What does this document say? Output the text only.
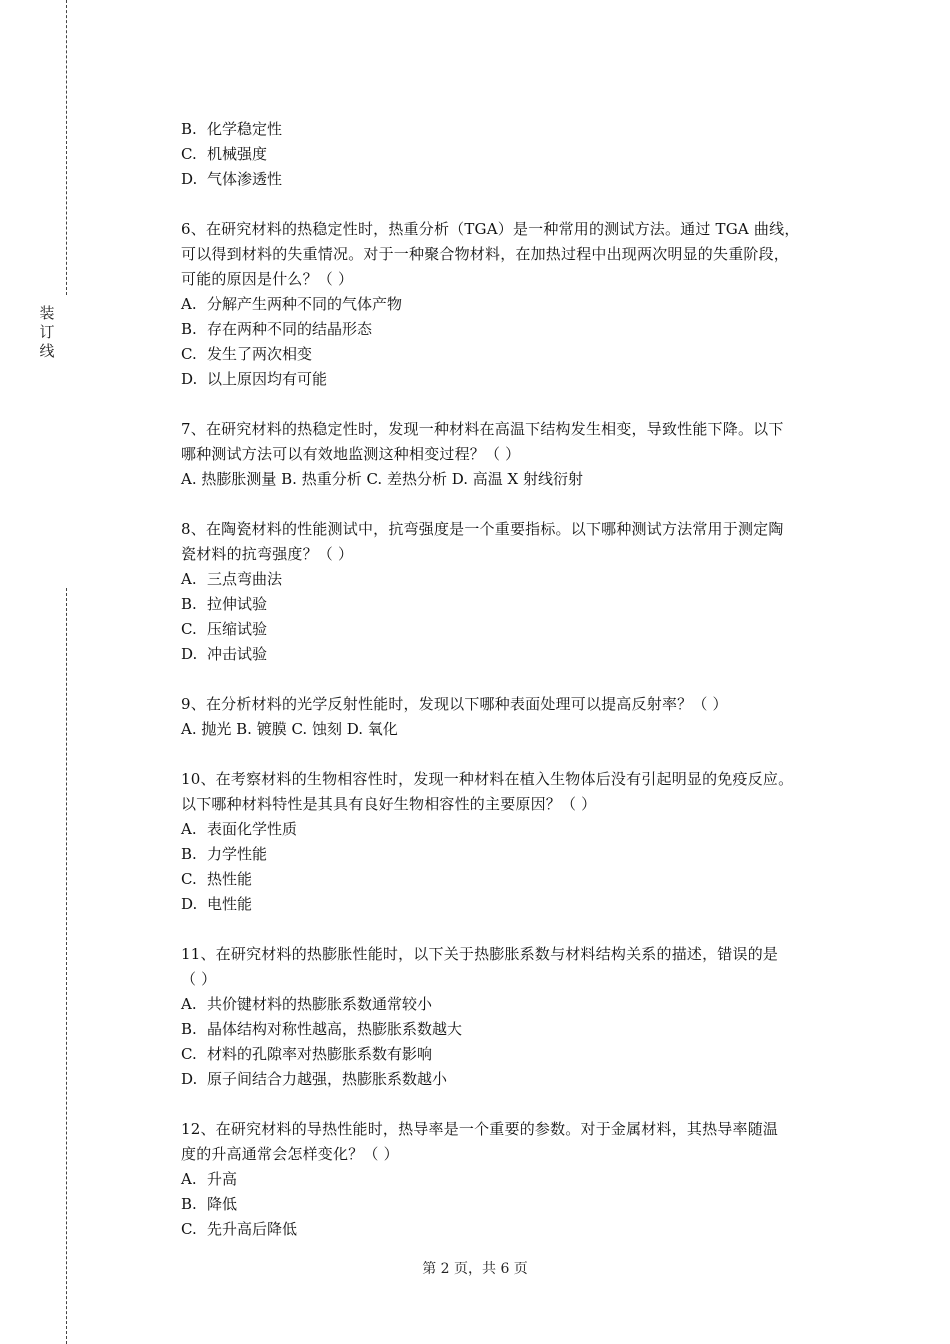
装
订
线
B. 化学稳定性
C. 机械强度
D. 气体渗透性
6、在研究材料的热稳定性时，热重分析（TGA）是一种常用的测试方法。通过 TGA 曲线，
可以得到材料的失重情况。对于一种聚合物材料，在加热过程中出现两次明显的失重阶段，
可能的原因是什么？（ ）
A. 分解产生两种不同的气体产物
B. 存在两种不同的结晶形态
C. 发生了两次相变
D. 以上原因均有可能
7、在研究材料的热稳定性时，发现一种材料在高温下结构发生相变，导致性能下降。以下
哪种测试方法可以有效地监测这种相变过程？（ ）
A. 热膨胀测量 B. 热重分析 C. 差热分析 D. 高温 X 射线衍射
8、在陶瓷材料的性能测试中，抗弯强度是一个重要指标。以下哪种测试方法常用于测定陶
瓷材料的抗弯强度？（ ）
A. 三点弯曲法
B. 拉伸试验
C. 压缩试验
D. 冲击试验
9、在分析材料的光学反射性能时，发现以下哪种表面处理可以提高反射率？（ ）
A. 抛光 B. 镀膜 C. 蚀刻 D. 氧化
10、在考察材料的生物相容性时，发现一种材料在植入生物体后没有引起明显的免疫反应。
以下哪种材料特性是其具有良好生物相容性的主要原因？（ ）
A. 表面化学性质
B. 力学性能
C. 热性能
D. 电性能
11、在研究材料的热膨胀性能时，以下关于热膨胀系数与材料结构关系的描述，错误的是
（ ）
A. 共价键材料的热膨胀系数通常较小
B. 晶体结构对称性越高，热膨胀系数越大
C. 材料的孔隙率对热膨胀系数有影响
D. 原子间结合力越强，热膨胀系数越小
12、在研究材料的导热性能时，热导率是一个重要的参数。对于金属材料，其热导率随温
度的升高通常会怎样变化？（ ）
A. 升高
B. 降低
C. 先升高后降低
第 2 页，共 6 页
